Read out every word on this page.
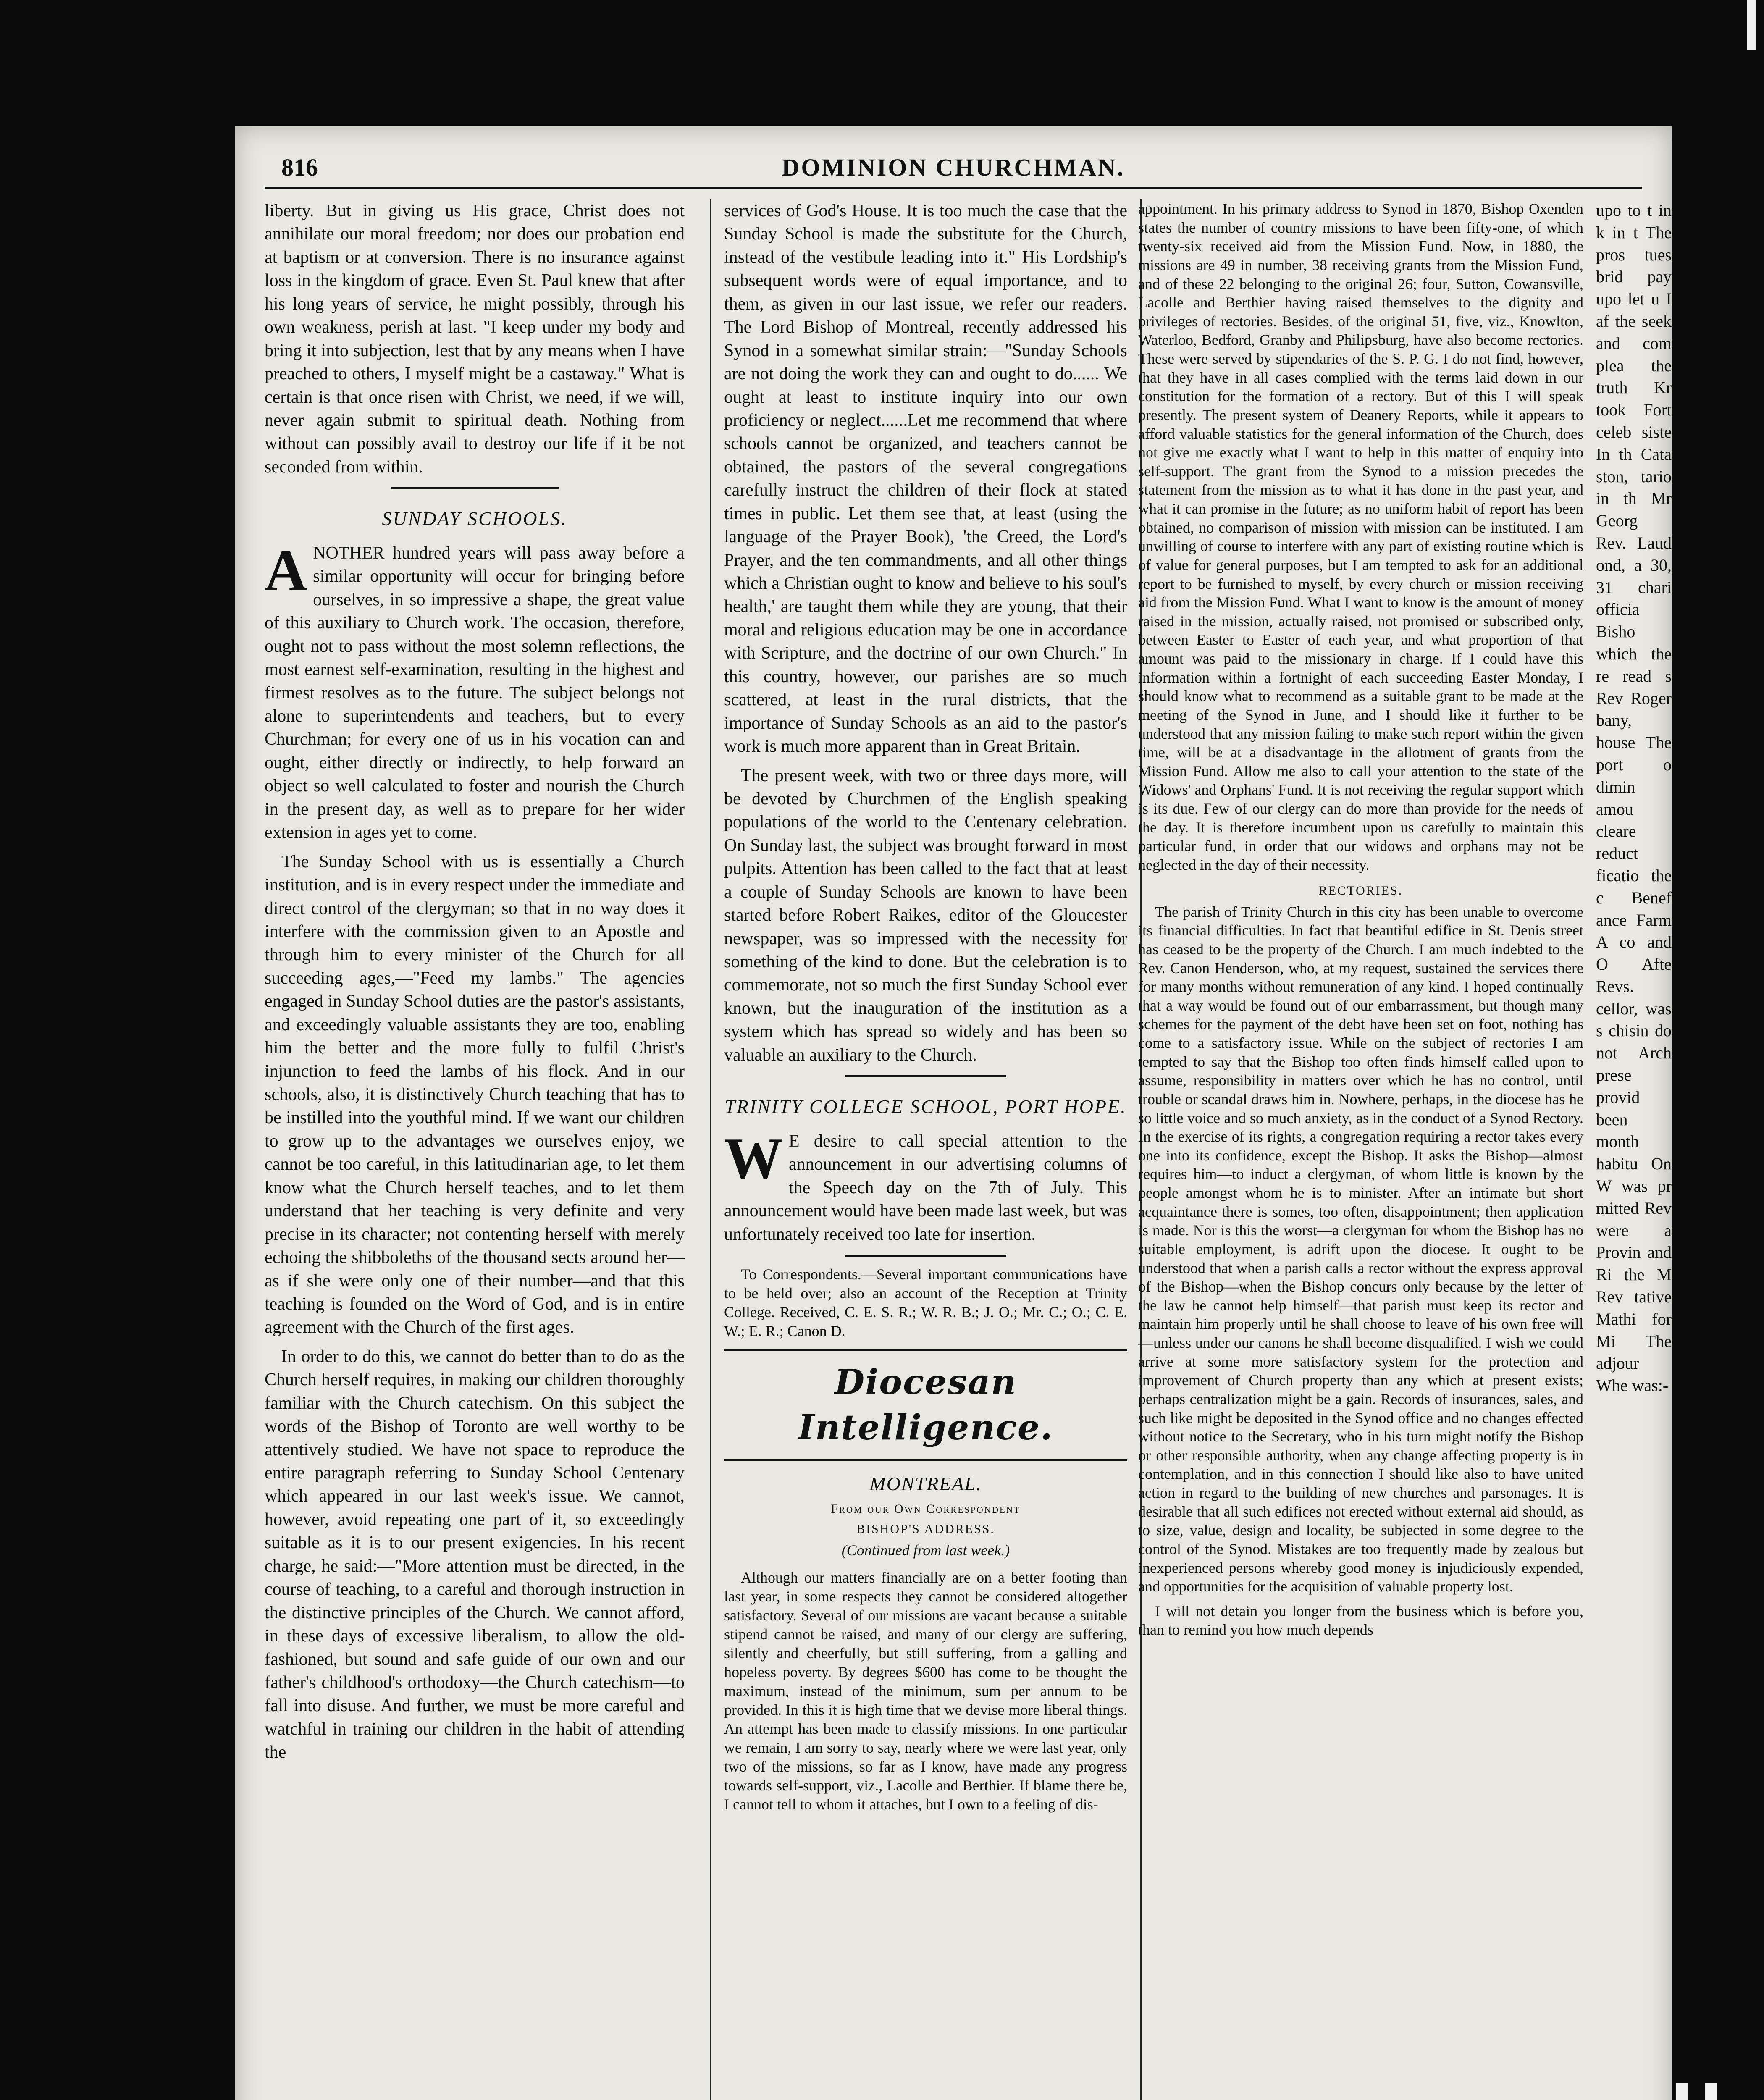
816	DOMINION CHURCHMAN.

liberty. But in giving us His grace, Christ does not annihilate our moral freedom; nor does our probation end at baptism or at conversion. There is no insurance against loss in the kingdom of grace. Even St. Paul knew that after his long years of service, he might possibly, through his own weakness, perish at last. "I keep under my body and bring it into subjection, lest that by any means when I have preached to others, I myself might be a castaway." What is certain is that once risen with Christ, we need, if we will, never again submit to spiritual death. Nothing from without can possibly avail to destroy our life if it be not seconded from within.

SUNDAY SCHOOLS.

ANOTHER hundred years will pass away before a similar opportunity will occur for bringing before ourselves, in so impressive a shape, the great value of this auxiliary to Church work. The occasion, therefore, ought not to pass without the most solemn reflections, the most earnest self-examination, resulting in the highest and firmest resolves as to the future. The subject belongs not alone to superintendents and teachers, but to every Churchman; for every one of us in his vocation can and ought, either directly or indirectly, to help forward an object so well calculated to foster and nourish the Church in the present day, as well as to prepare for her wider extension in ages yet to come.

The Sunday School with us is essentially a Church institution, and is in every respect under the immediate and direct control of the clergyman; so that in no way does it interfere with the commission given to an Apostle and through him to every minister of the Church for all succeeding ages,—"Feed my lambs." The agencies engaged in Sunday School duties are the pastor's assistants, and exceedingly valuable assistants they are too, enabling him the better and the more fully to fulfil Christ's injunction to feed the lambs of his flock. And in our schools, also, it is distinctively Church teaching that has to be instilled into the youthful mind. If we want our children to grow up to the advantages we ourselves enjoy, we cannot be too careful, in this latitudinarian age, to let them know what the Church herself teaches, and to let them understand that her teaching is very definite and very precise in its character; not contenting herself with merely echoing the shibboleths of the thousand sects around her—as if she were only one of their number—and that this teaching is founded on the Word of God, and is in entire agreement with the Church of the first ages.

In order to do this, we cannot do better than to do as the Church herself requires, in making our children thoroughly familiar with the Church catechism. On this subject the words of the Bishop of Toronto are well worthy to be attentively studied. We have not space to reproduce the entire paragraph referring to Sunday School Centenary which appeared in our last week's issue. We cannot, however, avoid repeating one part of it, so exceedingly suitable as it is to our present exigencies. In his recent charge, he said:—"More attention must be directed, in the course of teaching, to a careful and thorough instruction in the distinctive principles of the Church. We cannot afford, in these days of excessive liberalism, to allow the old-fashioned, but sound and safe guide of our own and our father's childhood's orthodoxy—the Church catechism—to fall into disuse. And further, we must be more careful and watchful in training our children in the habit of attending the

services of God's House. It is too much the case that the Sunday School is made the substitute for the Church, instead of the vestibule leading into it." His Lordship's subsequent words were of equal importance, and to them, as given in our last issue, we refer our readers. The Lord Bishop of Montreal, recently addressed his Synod in a somewhat similar strain:—"Sunday Schools are not doing the work they can and ought to do...... We ought at least to institute inquiry into our own proficiency or neglect......Let me recommend that where schools cannot be organized, and teachers cannot be obtained, the pastors of the several congregations carefully instruct the children of their flock at stated times in public. Let them see that, at least (using the language of the Prayer Book), 'the Creed, the Lord's Prayer, and the ten commandments, and all other things which a Christian ought to know and believe to his soul's health,' are taught them while they are young, that their moral and religious education may be one in accordance with Scripture, and the doctrine of our own Church." In this country, however, our parishes are so much scattered, at least in the rural districts, that the importance of Sunday Schools as an aid to the pastor's work is much more apparent than in Great Britain.

The present week, with two or three days more, will be devoted by Churchmen of the English speaking populations of the world to the Centenary celebration. On Sunday last, the subject was brought forward in most pulpits. Attention has been called to the fact that at least a couple of Sunday Schools are known to have been started before Robert Raikes, editor of the Gloucester newspaper, was so impressed with the necessity for something of the kind to done. But the celebration is to commemorate, not so much the first Sunday School ever known, but the inauguration of the institution as a system which has spread so widely and has been so valuable an auxiliary to the Church.

TRINITY COLLEGE SCHOOL, PORT HOPE.

W E desire to call special attention to the announcement in our advertising columns of the Speech day on the 7th of July. This announcement would have been made last week, but was unfortunately received too late for insertion.

To Correspondents.—Several important communications have to be held over; also an account of the Reception at Trinity College. Received, C. E. S. R.; W. R. B.; J. O.; Mr. C.; O.; C. E. W.; E. R.; Canon D.

Diocesan Intelligence.
MONTREAL.
From our Own Correspondent
BISHOP'S ADDRESS.
(Continued from last week.)

Although our matters financially are on a better footing than last year, in some respects they cannot be considered altogether satisfactory. Several of our missions are vacant because a suitable stipend cannot be raised, and many of our clergy are suffering, silently and cheerfully, but still suffering, from a galling and hopeless poverty. By degrees $600 has come to be thought the maximum, instead of the minimum, sum per annum to be provided. In this it is high time that we devise more liberal things. An attempt has been made to classify missions. In one particular we remain, I am sorry to say, nearly where we were last year, only two of the missions, so far as I know, have made any progress towards self-support, viz., Lacolle and Berthier. If blame there be, I cannot tell to whom it attaches, but I own to a feeling of dis-

appointment. In his primary address to Synod in 1870, Bishop Oxenden states the number of country missions to have been fifty-one, of which twenty-six received aid from the Mission Fund. Now, in 1880, the missions are 49 in number, 38 receiving grants from the Mission Fund, and of these 22 belonging to the original 26; four, Sutton, Cowansville, Lacolle and Berthier having raised themselves to the dignity and privileges of rectories. Besides, of the original 51, five, viz., Knowlton, Waterloo, Bedford, Granby and Philipsburg, have also become rectories. These were served by stipendaries of the S. P. G. I do not find, however, that they have in all cases complied with the terms laid down in our constitution for the formation of a rectory. But of this I will speak presently. The present system of Deanery Reports, while it appears to afford valuable statistics for the general information of the Church, does not give me exactly what I want to help in this matter of enquiry into self-support. The grant from the Synod to a mission precedes the statement from the mission as to what it has done in the past year, and what it can promise in the future; as no uniform habit of report has been obtained, no comparison of mission with mission can be instituted. I am unwilling of course to interfere with any part of existing routine which is of value for general purposes, but I am tempted to ask for an additional report to be furnished to myself, by every church or mission receiving aid from the Mission Fund. What I want to know is the amount of money raised in the mission, actually raised, not promised or subscribed only, between Easter to Easter of each year, and what proportion of that amount was paid to the missionary in charge. If I could have this information within a fortnight of each succeeding Easter Monday, I should know what to recommend as a suitable grant to be made at the meeting of the Synod in June, and I should like it further to be understood that any mission failing to make such report within the given time, will be at a disadvantage in the allotment of grants from the Mission Fund. Allow me also to call your attention to the state of the Widows' and Orphans' Fund. It is not receiving the regular support which is its due. Few of our clergy can do more than provide for the needs of the day. It is therefore incumbent upon us carefully to maintain this particular fund, in order that our widows and orphans may not be neglected in the day of their necessity.

RECTORIES.

The parish of Trinity Church in this city has been unable to overcome its financial difficulties. In fact that beautiful edifice in St. Denis street has ceased to be the property of the Church. I am much indebted to the Rev. Canon Henderson, who, at my request, sustained the services there for many months without remuneration of any kind. I hoped continually that a way would be found out of our embarrassment, but though many schemes for the payment of the debt have been set on foot, nothing has come to a satisfactory issue. While on the subject of rectories I am tempted to say that the Bishop too often finds himself called upon to assume, responsibility in matters over which he has no control, until trouble or scandal draws him in. Nowhere, perhaps, in the diocese has he so little voice and so much anxiety, as in the conduct of a Synod Rectory. In the exercise of its rights, a congregation requiring a rector takes every one into its confidence, except the Bishop. It asks the Bishop—almost requires him—to induct a clergyman, of whom little is known by the people amongst whom he is to minister. After an intimate but short acquaintance there is somes, too often, disappointment; then application is made. Nor is this the worst—a clergyman for whom the Bishop has no suitable employment, is adrift upon the diocese. It ought to be understood that when a parish calls a rector without the express approval of the Bishop—when the Bishop concurs only because by the letter of the law he cannot help himself—that parish must keep its rector and maintain him properly until he shall choose to leave of his own free will—unless under our canons he shall become disqualified. I wish we could arrive at some more satisfactory system for the protection and improvement of Church property than any which at present exists; perhaps centralization might be a gain. Records of insurances, sales, and such like might be deposited in the Synod office and no changes effected without notice to the Secretary, who in his turn might notify the Bishop or other responsible authority, when any change affecting property is in contemplation, and in this connection I should like also to have united action in regard to the building of new churches and parsonages. It is desirable that all such edifices not erected without external aid should, as to size, value, design and locality, be subjected in some degree to the control of the Synod. Mistakes are too frequently made by zealous but inexperienced persons whereby good money is injudiciously expended, and opportunities for the acquisition of valuable property lost.

I will not detain you longer from the business which is before you, than to remind you how much depends

upo to t in k in t The pros tues brid pay upo let u I af the seek and com plea the truth Kr took Fort celeb siste In th Cata ston, tario in th Mr Georg Rev. Laud ond, a 30, 31 chari officia Bisho which the re read s Rev Roger bany, house The port o dimin amou cleare reduct ficatio the c Benef ance Farm A co and O Afte Revs. cellor, was s chisin do not Arch prese provid been month habitu On W was pr mitted Rev were a Provin and Ri the M Rev tative Mathi for Mi The adjour Whe was:-
